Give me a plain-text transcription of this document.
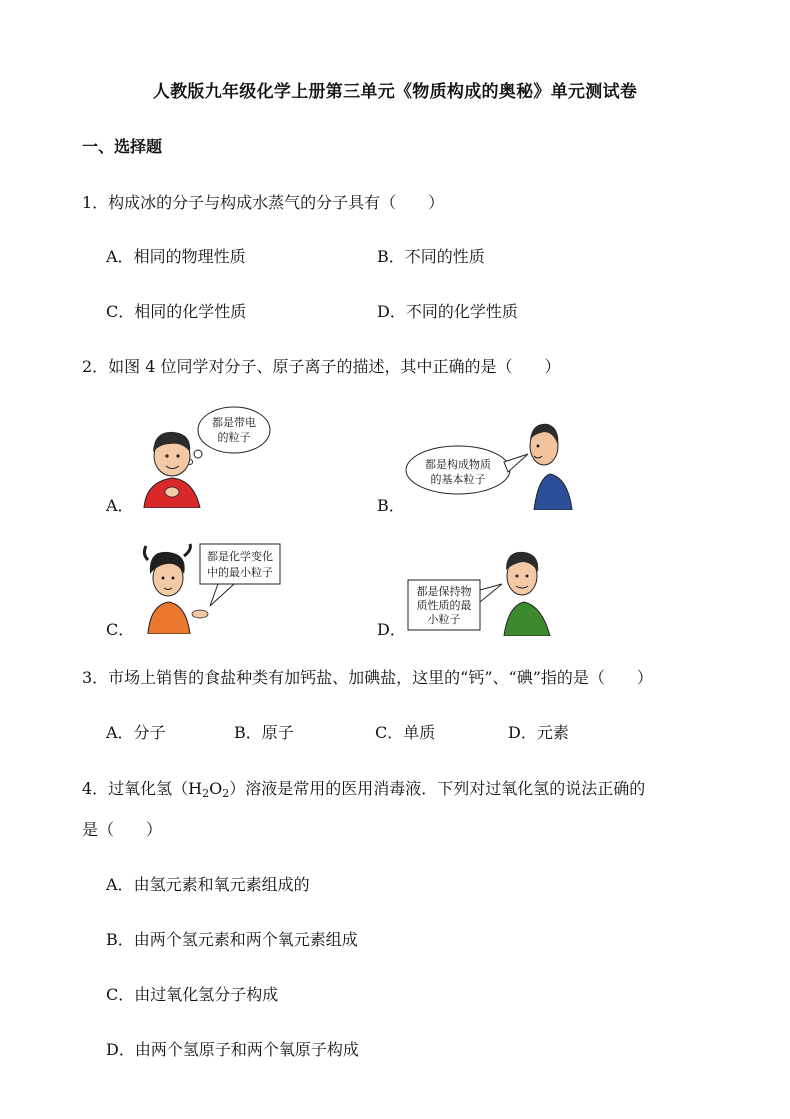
人教版九年级化学上册第三单元《物质构成的奥秘》单元测试卷
一、选择题
1．构成冰的分子与构成水蒸气的分子具有（　　）
A．相同的物理性质	B．不同的性质
C．相同的化学性质	D．不同的化学性质
2．如图 4 位同学对分子、原子离子的描述，其中正确的是（　　）
A．
都是带电
的粒子
B．
都是构成物质
的基本粒子
C．
都是化学变化
中的最小粒子
D．
都是保持物
质性质的最
小粒子
3．市场上销售的食盐种类有加钙盐、加碘盐，这里的“钙”、“碘”指的是（　　）
A．分子	B．原子	C．单质	D．元素
4．过氧化氢$(H_2O_2)$溶液是常用的医用消毒液．下列对过氧化氢的说法正确的
是（　　）
A．由氢元素和氧元素组成的
B．由两个氢元素和两个氧元素组成
C．由过氧化氢分子构成
D．由两个氢原子和两个氧原子构成
